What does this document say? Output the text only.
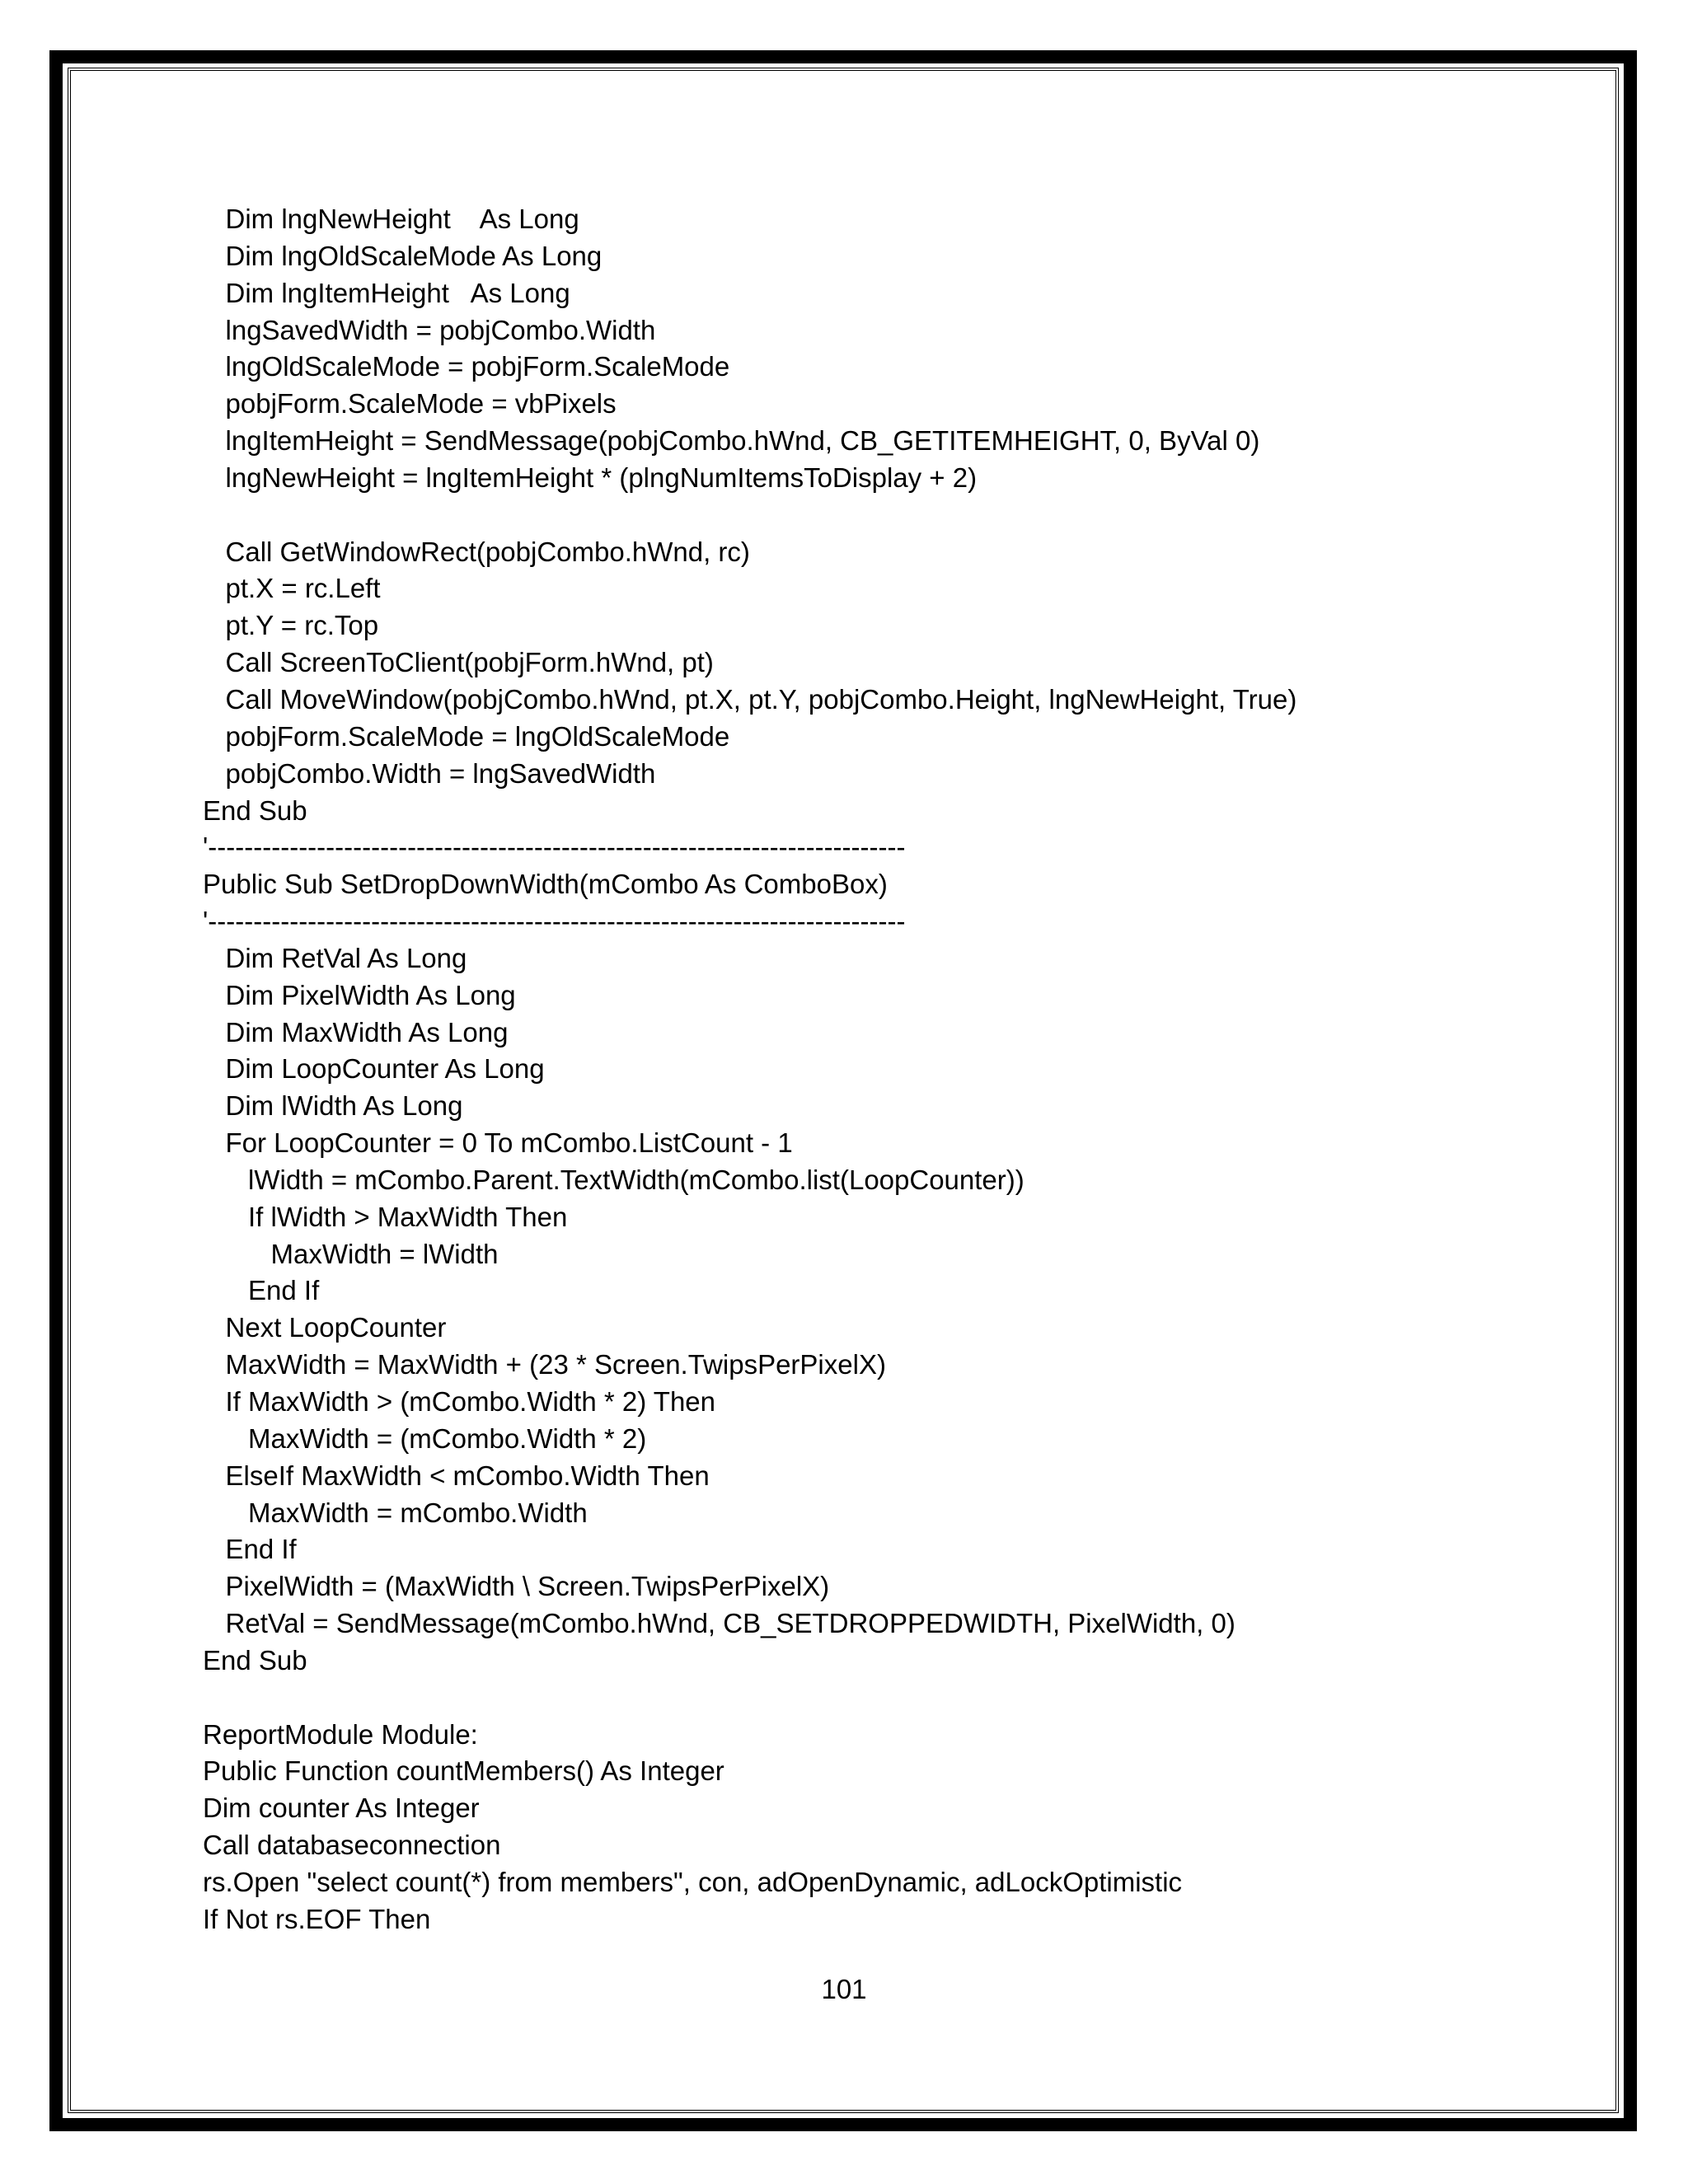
Dim lngNewHeight    As Long
Dim lngOldScaleMode As Long
Dim lngItemHeight   As Long
lngSavedWidth = pobjCombo.Width
lngOldScaleMode = pobjForm.ScaleMode
pobjForm.ScaleMode = vbPixels
lngItemHeight = SendMessage(pobjCombo.hWnd, CB_GETITEMHEIGHT, 0, ByVal 0)
lngNewHeight = lngItemHeight * (plngNumItemsToDisplay + 2)
Call GetWindowRect(pobjCombo.hWnd, rc)
pt.X = rc.Left
pt.Y = rc.Top
Call ScreenToClient(pobjForm.hWnd, pt)
Call MoveWindow(pobjCombo.hWnd, pt.X, pt.Y, pobjCombo.Height, lngNewHeight, True)
pobjForm.ScaleMode = lngOldScaleMode
pobjCombo.Width = lngSavedWidth
End Sub
'-----------------------------------------------------------------------------
Public Sub SetDropDownWidth(mCombo As ComboBox)
'-----------------------------------------------------------------------------
Dim RetVal As Long
Dim PixelWidth As Long
Dim MaxWidth As Long
Dim LoopCounter As Long
Dim lWidth As Long
For LoopCounter = 0 To mCombo.ListCount - 1
lWidth = mCombo.Parent.TextWidth(mCombo.list(LoopCounter))
If lWidth > MaxWidth Then
MaxWidth = lWidth
End If
Next LoopCounter
MaxWidth = MaxWidth + (23 * Screen.TwipsPerPixelX)
If MaxWidth > (mCombo.Width * 2) Then
MaxWidth = (mCombo.Width * 2)
ElseIf MaxWidth < mCombo.Width Then
MaxWidth = mCombo.Width
End If
PixelWidth = (MaxWidth \ Screen.TwipsPerPixelX)
RetVal = SendMessage(mCombo.hWnd, CB_SETDROPPEDWIDTH, PixelWidth, 0)
End Sub
ReportModule Module:
Public Function countMembers() As Integer
Dim counter As Integer
Call databaseconnection
rs.Open "select count(*) from members", con, adOpenDynamic, adLockOptimistic
If Not rs.EOF Then
101
